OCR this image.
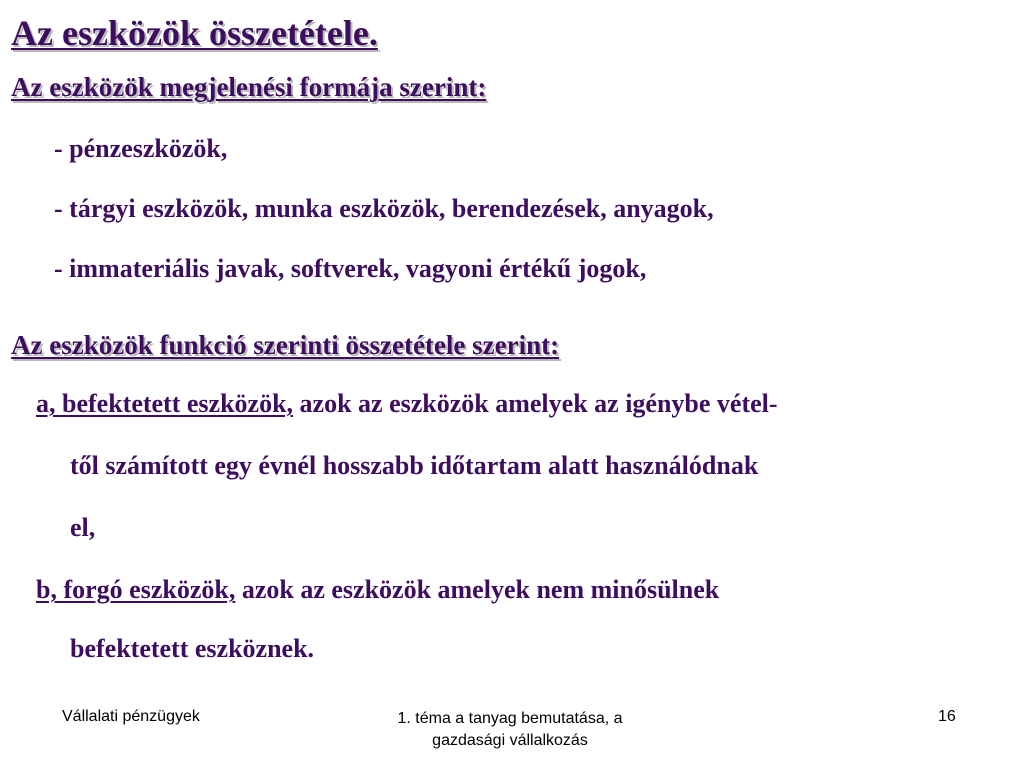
Az eszközök összetétele.
Az eszközök megjelenési formája szerint:
- pénzeszközök,
- tárgyi eszközök, munka eszközök, berendezések, anyagok,
- immateriális javak, softverek, vagyoni értékű jogok,
Az eszközök funkció szerinti összetétele szerint:
a, befektetett eszközök, azok az eszközök amelyek az igénybe vétel-
től számított egy évnél hosszabb időtartam alatt használódnak
el,
b, forgó eszközök, azok az eszközök amelyek nem minősülnek
befektetett eszköznek.
Vállalati pénzügyek	1. téma a tanyag bemutatása, a
gazdasági vállalkozás
16
